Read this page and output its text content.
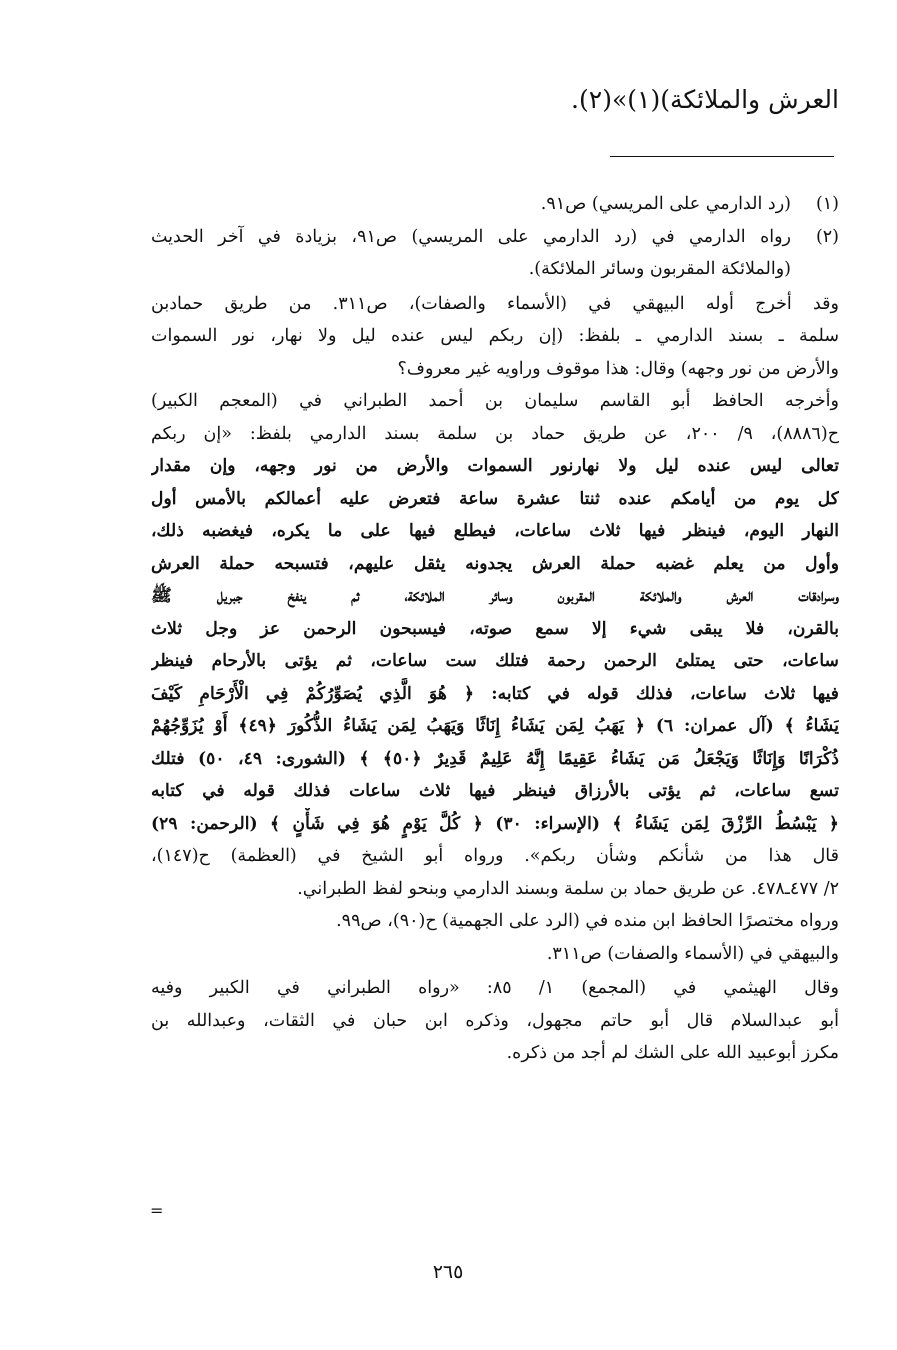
العرش والملائكة)(١)»(٢).
(١)
(رد الدارمي على المريسي) ص٩١.
(٢)
رواه الدارمي في (رد الدارمي على المريسي) ص٩١، بزيادة في آخر الحديث
(والملائكة المقربون وسائر الملائكة).
وقد أخرج أوله البيهقي في (الأسماء والصفات)، ص٣١١. من طريق حمادبن
سلمة ـ بسند الدارمي ـ بلفظ: (إن ربكم ليس عنده ليل ولا نهار، نور السموات
والأرض من نور وجهه) وقال: هذا موقوف وراويه غير معروف؟
وأخرجه الحافظ أبو القاسم سليمان بن أحمد الطبراني في (المعجم الكبير)
ح(٨٨٨٦)، ٩/ ٢٠٠، عن طريق حماد بن سلمة بسند الدارمي بلفظ: «إن ربكم
تعالى ليس عنده ليل ولا نهارنور السموات والأرض من نور وجهه، وإن مقدار
كل يوم من أيامكم عنده ثنتا عشرة ساعة فتعرض عليه أعمالكم بالأمس أول
النهار اليوم، فينظر فيها ثلاث ساعات، فيطلع فيها على ما يكره، فيغضبه ذلك،
وأول من يعلم غضبه حملة العرش يجدونه يثقل عليهم، فتسبحه حملة العرش
وسرادقات العرش والملائكة المقربون وسائر الملائكة، ثم ينفخ جبريل ﷺ
بالقرن، فلا يبقى شيء إلا سمع صوته، فيسبحون الرحمن عز وجل ثلاث
ساعات، حتى يمتلئ الرحمن رحمة فتلك ست ساعات، ثم يؤتى بالأرحام فينظر
فيها ثلاث ساعات، فذلك قوله في كتابه: ﴿ هُوَ الَّذِي يُصَوِّرُكُمْ فِي الْأَرْحَامِ كَيْفَ
يَشَاءُ ﴾ (آل عمران: ٦) ﴿ يَهَبُ لِمَن يَشَاءُ إِنَاثًا وَيَهَبُ لِمَن يَشَاءُ الذُّكُورَ ﴿٤٩﴾ أَوْ يُزَوِّجُهُمْ
ذُكْرَانًا وَإِنَاثًا وَيَجْعَلُ مَن يَشَاءُ عَقِيمًا إِنَّهُ عَلِيمٌ قَدِيرٌ ﴿٥٠﴾ ﴾ (الشورى: ٤٩، ٥٠) فتلك
تسع ساعات، ثم يؤتى بالأرزاق فينظر فيها ثلاث ساعات فذلك قوله في كتابه
﴿ يَبْسُطُ الرِّزْقَ لِمَن يَشَاءُ ﴾ (الإسراء: ٣٠) ﴿ كُلَّ يَوْمٍ هُوَ فِي شَأْنٍ ﴾ (الرحمن: ٢٩)
قال هذا من شأنكم وشأن ربكم». ورواه أبو الشيخ في (العظمة) ح(١٤٧)،
٢/ ٤٧٧ـ٤٧٨. عن طريق حماد بن سلمة وبسند الدارمي وبنحو لفظ الطبراني.
ورواه مختصرًا الحافظ ابن منده في (الرد على الجهمية) ح(٩٠)، ص٩٩.
والبيهقي في (الأسماء والصفات) ص٣١١.
وقال الهيثمي في (المجمع) ١/ ٨٥: «رواه الطبراني في الكبير وفيه
أبو عبدالسلام قال أبو حاتم مجهول، وذكره ابن حبان في الثقات، وعبدالله بن
مكرز أبوعبيد الله على الشك لم أجد من ذكره.
=
٢٦٥
